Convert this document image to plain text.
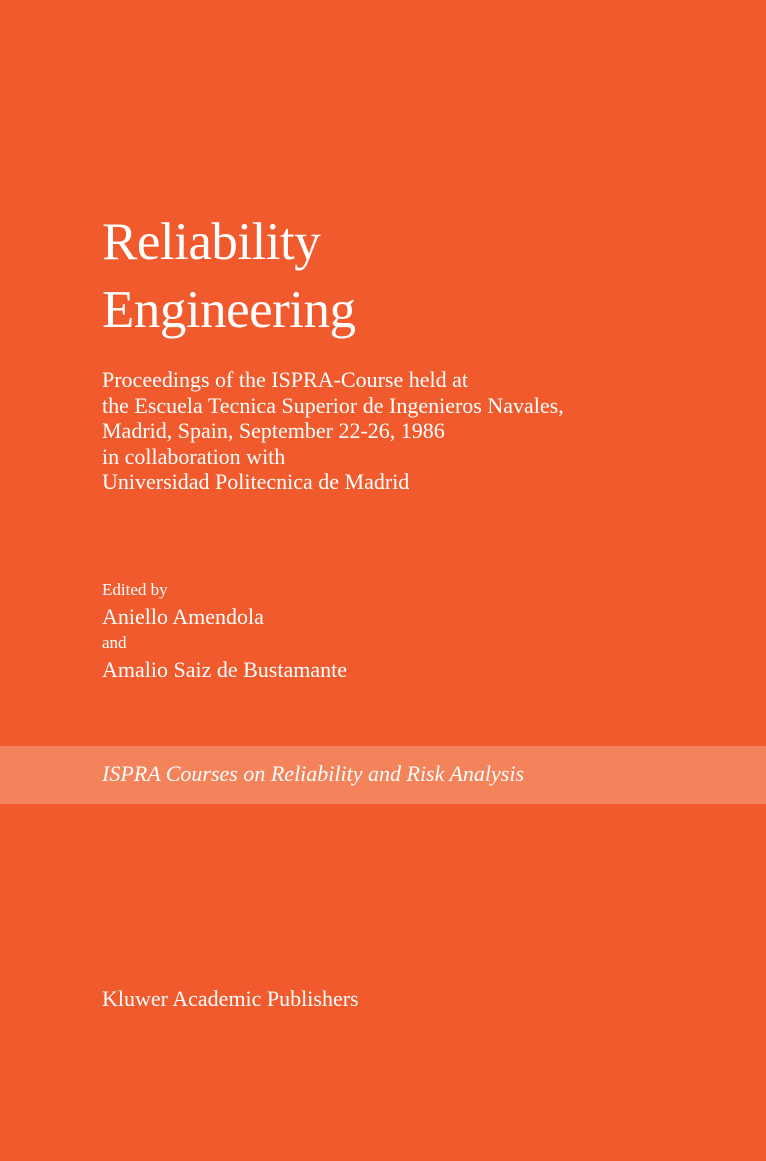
Reliability
Engineering
Proceedings of the ISPRA-Course held at
the Escuela Tecnica Superior de Ingenieros Navales,
Madrid, Spain, September 22-26, 1986
in collaboration with
Universidad Politecnica de Madrid
Edited by
Aniello Amendola
and
Amalio Saiz de Bustamante
ISPRA Courses on Reliability and Risk Analysis
Kluwer Academic Publishers
